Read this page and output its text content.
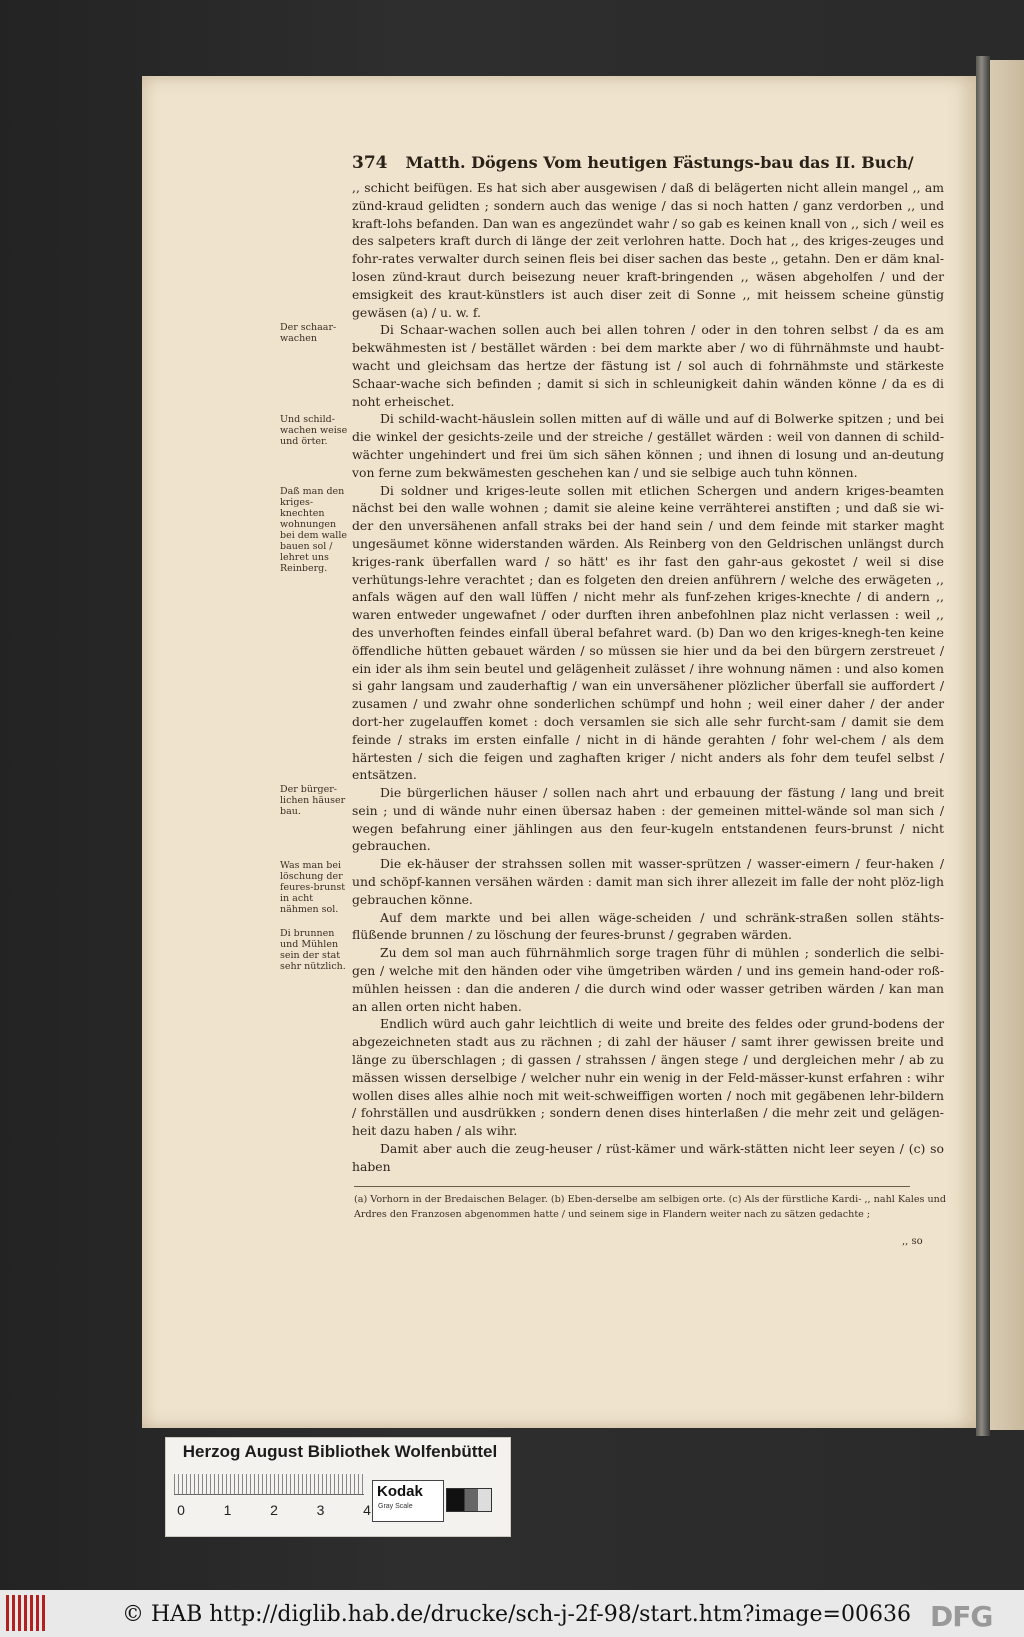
374 Matth. Dögens Vom heutigen Fästungs-bau das II. Buch/
Der schaar-wachen
Und schild-wachen weise und örter.
Daß man den kriges-knechten wohnungen bei dem walle bauen sol / lehret uns Reinberg.
Der bürger-lichen häuser bau.
Was man bei löschung der feures-brunst in acht nähmen sol.
Di brunnen und Mühlen sein der stat sehr nützlich.

,, schicht beifügen. Es hat sich aber ausgewisen / daß di belägerten nicht allein mangel ,, am zünd-kraud gelidten ; sondern auch das wenige / das si noch hatten / ganz verdorben ,, und kraft-lohs befanden. Dan wan es angezündet wahr / so gab es keinen knall von ,, sich / weil es des salpeters kraft durch di länge der zeit verlohren hatte. Doch hat ,, des kriges-zeuges und fohr-rates verwalter durch seinen fleis bei diser sachen das beste ,, getahn. Den er däm knal-losen zünd-kraut durch beisezung neuer kraft-bringenden ,, wäsen abgeholfen / und der emsigkeit des kraut-künstlers ist auch diser zeit di Sonne ,, mit heissem scheine günstig gewäsen (a) / u. w. f.

Di Schaar-wachen sollen auch bei allen tohren / oder in den tohren selbst / da es am bekwähmesten ist / bestället wärden : bei dem markte aber / wo di führnähmste und haubt-wacht und gleichsam das hertze der fästung ist / sol auch di fohrnähmste und stärkeste Schaar-wache sich befinden ; damit si sich in schleunigkeit dahin wänden könne / da es di noht erheischet.

Di schild-wacht-häuslein sollen mitten auf di wälle und auf di Bolwerke spitzen ; und bei die winkel der gesichts-zeile und der streiche / gestället wärden : weil von dannen di schild-wächter ungehindert und frei üm sich sähen können ; und ihnen di losung und an-deutung von ferne zum bekwämesten geschehen kan / und sie selbige auch tuhn können.

Di soldner und kriges-leute sollen mit etlichen Schergen und andern kriges-beamten nächst bei den walle wohnen ; damit sie aleine keine verrähterei anstiften ; und daß sie wi-der den unversähenen anfall straks bei der hand sein / und dem feinde mit starker maght ungesäumet könne widerstanden wärden. Als Reinberg von den Geldrischen unlängst durch kriges-rank überfallen ward / so hätt' es ihr fast den gahr-aus gekostet / weil si dise verhütungs-lehre verachtet ; dan es folgeten den dreien anführern / welche des erwägeten ,, anfals wägen auf den wall lüffen / nicht mehr als funf-zehen kriges-knechte / di andern ,, waren entweder ungewafnet / oder durften ihren anbefohlnen plaz nicht verlassen : weil ,, des unverhoften feindes einfall überal befahret ward. (b) Dan wo den kriges-knegh-ten keine öffendliche hütten gebauet wärden / so müssen sie hier und da bei den bürgern zerstreuet / ein ider als ihm sein beutel und gelägenheit zulässet / ihre wohnung nämen : und also komen si gahr langsam und zauderhaftig / wan ein unversähener plözlicher überfall sie auffordert / zusamen / und zwahr ohne sonderlichen schümpf und hohn ; weil einer daher / der ander dort-her zugelauffen komet : doch versamlen sie sich alle sehr furcht-sam / damit sie dem feinde / straks im ersten einfalle / nicht in di hände gerahten / fohr wel-chem / als dem härtesten / sich die feigen und zaghaften kriger / nicht anders als fohr dem teufel selbst / entsätzen.

Die bürgerlichen häuser / sollen nach ahrt und erbauung der fästung / lang und breit sein ; und di wände nuhr einen übersaz haben : der gemeinen mittel-wände sol man sich / wegen befahrung einer jählingen aus den feur-kugeln entstandenen feurs-brunst / nicht gebrauchen.

Die ek-häuser der strahssen sollen mit wasser-sprützen / wasser-eimern / feur-haken / und schöpf-kannen versähen wärden : damit man sich ihrer allezeit im falle der noht plöz-ligh gebrauchen könne.

Auf dem markte und bei allen wäge-scheiden / und schränk-straßen sollen stähts-flüßende brunnen / zu löschung der feures-brunst / gegraben wärden.

Zu dem sol man auch führnähmlich sorge tragen führ di mühlen ; sonderlich die selbi-gen / welche mit den händen oder vihe ümgetriben wärden / und ins gemein hand-oder roß-mühlen heissen : dan die anderen / die durch wind oder wasser getriben wärden / kan man an allen orten nicht haben.

Endlich würd auch gahr leichtlich di weite und breite des feldes oder grund-bodens der abgezeichneten stadt aus zu rächnen ; di zahl der häuser / samt ihrer gewissen breite und länge zu überschlagen ; di gassen / strahssen / ängen stege / und dergleichen mehr / ab zu mässen wissen derselbige / welcher nuhr ein wenig in der Feld-mässer-kunst erfahren : wihr wollen dises alles alhie noch mit weit-schweiffigen worten / noch mit gegäbenen lehr-bildern / fohrställen und ausdrükken ; sondern denen dises hinterlaßen / die mehr zeit und gelägen-heit dazu haben / als wihr.

Damit aber auch die zeug-heuser / rüst-kämer und wärk-stätten nicht leer seyen / (c) so haben

(a) Vorhorn in der Bredaischen Belager. (b) Eben-derselbe am selbigen orte. (c) Als der fürstliche Kardi- ,, nahl Kales und Ardres den Franzosen abgenommen hatte / und seinem sige in Flandern weiter nach zu sätzen gedachte ;
,, so
Herzog August Bibliothek Wolfenbüttel
0	1	2	3	4
Kodak
Gray Scale
© HAB http://diglib.hab.de/drucke/sch-j-2f-98/start.htm?image=00636 DFG
